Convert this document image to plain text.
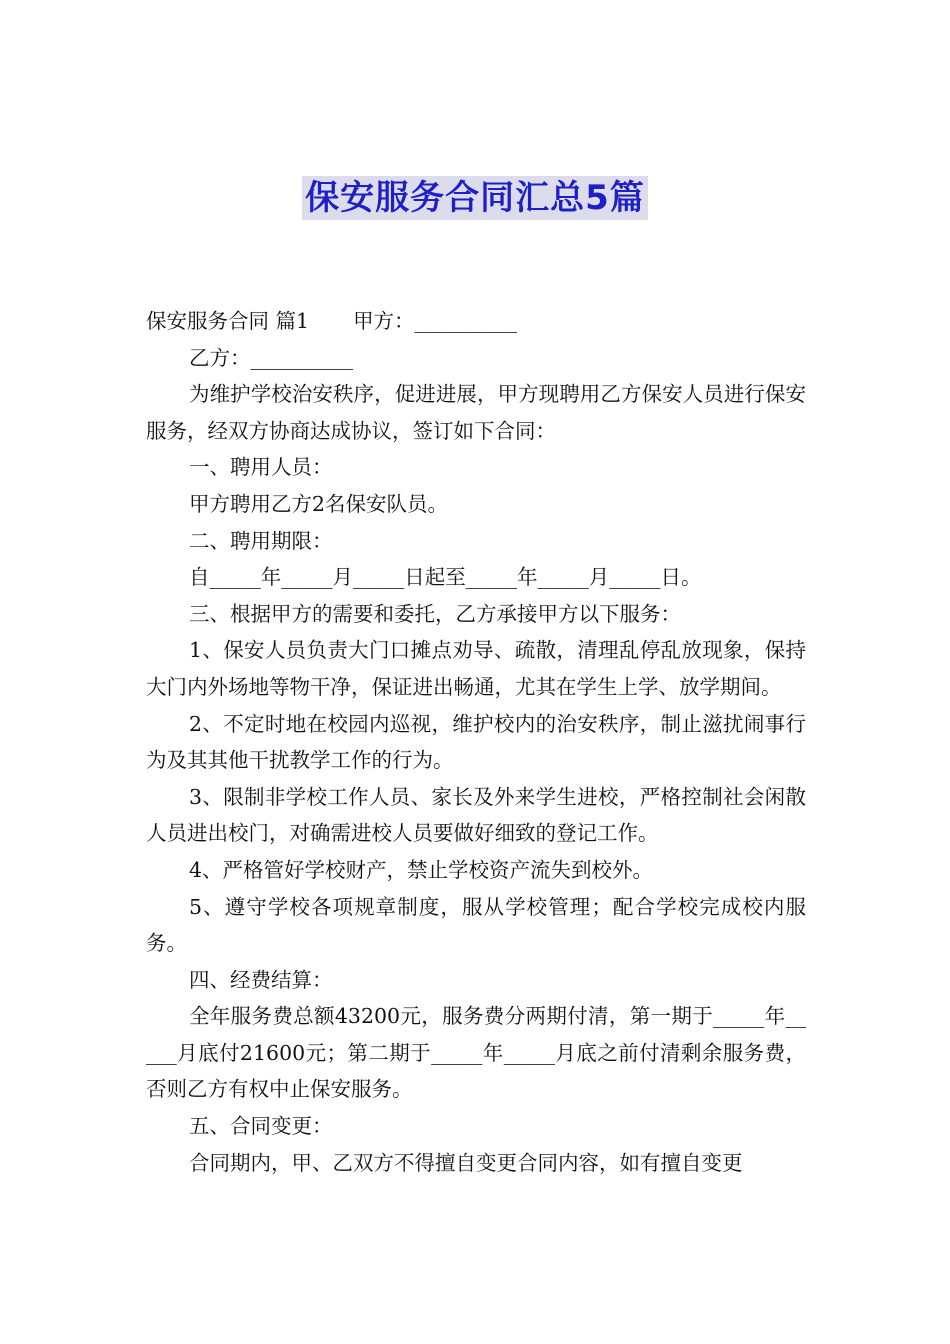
保安服务合同汇总5篇

保安服务合同 篇1 甲方：__________

乙方：__________

为维护学校治安秩序，促进进展，甲方现聘用乙方保安人员进行保安服务，经双方协商达成协议，签订如下合同：

一、聘用人员：

甲方聘用乙方2名保安队员。

二、聘用期限：

自_____年_____月_____日起至_____年_____月_____日。

三、根据甲方的需要和委托，乙方承接甲方以下服务：

1、保安人员负责大门口摊点劝导、疏散，清理乱停乱放现象，保持大门内外场地等物干净，保证进出畅通，尤其在学生上学、放学期间。

2、不定时地在校园内巡视，维护校内的治安秩序，制止滋扰闹事行为及其其他干扰教学工作的行为。

3、限制非学校工作人员、家长及外来学生进校，严格控制社会闲散人员进出校门，对确需进校人员要做好细致的登记工作。

4、严格管好学校财产，禁止学校资产流失到校外。

5、遵守学校各项规章制度，服从学校管理；配合学校完成校内服务。

四、经费结算：

全年服务费总额43200元，服务费分两期付清，第一期于_____年_____月底付21600元；第二期于_____年_____月底之前付清剩余服务费，否则乙方有权中止保安服务。

五、合同变更：

合同期内，甲、乙双方不得擅自变更合同内容，如有擅自变更
